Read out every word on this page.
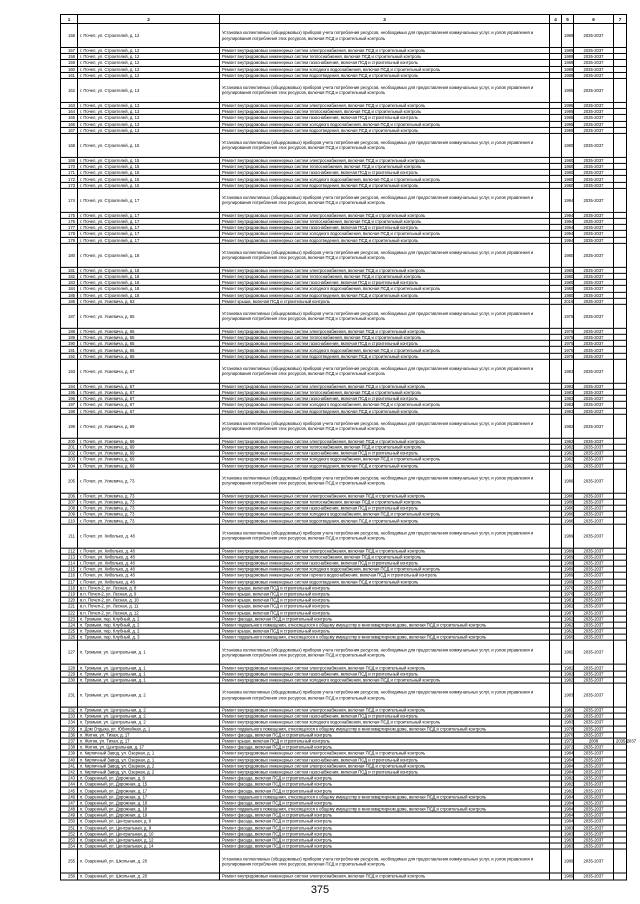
1	2	3	4	5	6	7
156	г. Почеп, ул. Строителей, д. 12	Установка коллективных (общедомовых) приборов учета потребления ресурсов, необходимых для предоставления коммунальных услуг, и узлов управления и регулирования потребления этих ресурсов, включая ПСД и строительный контроль		1989	2035-2037	
157	г. Почеп, ул. Строителей, д. 12	Ремонт внутридомовых инженерных систем электроснабжения, включая ПСД и строительный контроль		1989	2035-2037	
158	г. Почеп, ул. Строителей, д. 12	Ремонт внутридомовых инженерных систем теплоснабжения, включая ПСД и строительный контроль		1989	2035-2037	
159	г. Почеп, ул. Строителей, д. 12	Ремонт внутридомовых инженерных систем газоснабжения, включая ПСД и строительный контроль		1989	2035-2037	
160	г. Почеп, ул. Строителей, д. 12	Ремонт внутридомовых инженерных систем холодного водоснабжения, включая ПСД и строительный контроль		1989	2035-2037	
161	г. Почеп, ул. Строителей, д. 12	Ремонт внутридомовых инженерных систем водоотведения, включая ПСД и строительный контроль		1989	2035-2037	
162	г. Почеп, ул. Строителей, д. 13	Установка коллективных (общедомовых) приборов учета потребления ресурсов, необходимых для предоставления коммунальных услуг, и узлов управления и регулирования потребления этих ресурсов, включая ПСД и строительный контроль		1995	2035-2037	
163	г. Почеп, ул. Строителей, д. 13	Ремонт внутридомовых инженерных систем электроснабжения, включая ПСД и строительный контроль		1995	2035-2037	
164	г. Почеп, ул. Строителей, д. 13	Ремонт внутридомовых инженерных систем теплоснабжения, включая ПСД и строительный контроль		1995	2035-2037	
165	г. Почеп, ул. Строителей, д. 13	Ремонт внутридомовых инженерных систем газоснабжения, включая ПСД и строительный контроль		1995	2035-2037	
166	г. Почеп, ул. Строителей, д. 13	Ремонт внутридомовых инженерных систем холодного водоснабжения, включая ПСД и строительный контроль		1995	2035-2037	
167	г. Почеп, ул. Строителей, д. 13	Ремонт внутридомовых инженерных систем водоотведения, включая ПСД и строительный контроль		1995	2035-2037	
168	г. Почеп, ул. Строителей, д. 15	Установка коллективных (общедомовых) приборов учета потребления ресурсов, необходимых для предоставления коммунальных услуг, и узлов управления и регулирования потребления этих ресурсов, включая ПСД и строительный контроль		1980	2035-2037	
169	г. Почеп, ул. Строителей, д. 15	Ремонт внутридомовых инженерных систем электроснабжения, включая ПСД и строительный контроль		1980	2035-2037	
170	г. Почеп, ул. Строителей, д. 15	Ремонт внутридомовых инженерных систем теплоснабжения, включая ПСД и строительный контроль		1980	2035-2037	
171	г. Почеп, ул. Строителей, д. 15	Ремонт внутридомовых инженерных систем газоснабжения, включая ПСД и строительный контроль		1980	2035-2037	
172	г. Почеп, ул. Строителей, д. 15	Ремонт внутридомовых инженерных систем холодного водоснабжения, включая ПСД и строительный контроль		1980	2035-2037	
173	г. Почеп, ул. Строителей, д. 15	Ремонт внутридомовых инженерных систем водоотведения, включая ПСД и строительный контроль		1980	2035-2037	
174	г. Почеп, ул. Строителей, д. 17	Установка коллективных (общедомовых) приборов учета потребления ресурсов, необходимых для предоставления коммунальных услуг, и узлов управления и регулирования потребления этих ресурсов, включая ПСД и строительный контроль		1994	2035-2037	
175	г. Почеп, ул. Строителей, д. 17	Ремонт внутридомовых инженерных систем электроснабжения, включая ПСД и строительный контроль		1994	2035-2037	
176	г. Почеп, ул. Строителей, д. 17	Ремонт внутридомовых инженерных систем теплоснабжения, включая ПСД и строительный контроль		1994	2035-2037	
177	г. Почеп, ул. Строителей, д. 17	Ремонт внутридомовых инженерных систем газоснабжения, включая ПСД и строительный контроль		1994	2035-2037	
178	г. Почеп, ул. Строителей, д. 17	Ремонт внутридомовых инженерных систем холодного водоснабжения, включая ПСД и строительный контроль		1994	2035-2037	
179	г. Почеп, ул. Строителей, д. 17	Ремонт внутридомовых инженерных систем водоотведения, включая ПСД и строительный контроль		1994	2035-2037	
180	г. Почеп, ул. Строителей, д. 18	Установка коллективных (общедомовых) приборов учета потребления ресурсов, необходимых для предоставления коммунальных услуг, и узлов управления и регулирования потребления этих ресурсов, включая ПСД и строительный контроль		1980	2035-2037	
181	г. Почеп, ул. Строителей, д. 18	Ремонт внутридомовых инженерных систем электроснабжения, включая ПСД и строительный контроль		1980	2035-2037	
182	г. Почеп, ул. Строителей, д. 18	Ремонт внутридомовых инженерных систем теплоснабжения, включая ПСД и строительный контроль		1980	2035-2037	
183	г. Почеп, ул. Строителей, д. 18	Ремонт внутридомовых инженерных систем газоснабжения, включая ПСД и строительный контроль		1980	2035-2037	
184	г. Почеп, ул. Строителей, д. 18	Ремонт внутридомовых инженерных систем холодного водоснабжения, включая ПСД и строительный контроль		1980	2035-2037	
185	г. Почеп, ул. Строителей, д. 18	Ремонт внутридомовых инженерных систем водоотведения, включая ПСД и строительный контроль		1980	2035-2037	
186	г. Почеп, ул. Усиевича, д. 63	Ремонт крыши, включая ПСД и строительный контроль		2016	2035-2037	
187	г. Почеп, ул. Усиевича, д. 65	Установка коллективных (общедомовых) приборов учета потребления ресурсов, необходимых для предоставления коммунальных услуг, и узлов управления и регулирования потребления этих ресурсов, включая ПСД и строительный контроль		1975	2035-2037	
188	г. Почеп, ул. Усиевича, д. 65	Ремонт внутридомовых инженерных систем электроснабжения, включая ПСД и строительный контроль		1975	2035-2037	
189	г. Почеп, ул. Усиевича, д. 65	Ремонт внутридомовых инженерных систем теплоснабжения, включая ПСД и строительный контроль		1975	2035-2037	
190	г. Почеп, ул. Усиевича, д. 65	Ремонт внутридомовых инженерных систем газоснабжения, включая ПСД и строительный контроль		1975	2035-2037	
191	г. Почеп, ул. Усиевича, д. 65	Ремонт внутридомовых инженерных систем холодного водоснабжения, включая ПСД и строительный контроль		1975	2035-2037	
192	г. Почеп, ул. Усиевича, д. 65	Ремонт внутридомовых инженерных систем водоотведения, включая ПСД и строительный контроль		1975	2035-2037	
193	г. Почеп, ул. Усиевича, д. 67	Установка коллективных (общедомовых) приборов учета потребления ресурсов, необходимых для предоставления коммунальных услуг, и узлов управления и регулирования потребления этих ресурсов, включая ПСД и строительный контроль		1983	2035-2037	
194	г. Почеп, ул. Усиевича, д. 67	Ремонт внутридомовых инженерных систем электроснабжения, включая ПСД и строительный контроль		1983	2035-2037	
195	г. Почеп, ул. Усиевича, д. 67	Ремонт внутридомовых инженерных систем теплоснабжения, включая ПСД и строительный контроль		1983	2035-2037	
196	г. Почеп, ул. Усиевича, д. 67	Ремонт внутридомовых инженерных систем газоснабжения, включая ПСД и строительный контроль		1983	2035-2037	
197	г. Почеп, ул. Усиевича, д. 67	Ремонт внутридомовых инженерных систем холодного водоснабжения, включая ПСД и строительный контроль		1983	2035-2037	
198	г. Почеп, ул. Усиевича, д. 67	Ремонт внутридомовых инженерных систем водоотведения, включая ПСД и строительный контроль		1983	2035-2037	
199	г. Почеп, ул. Усиевича, д. 69	Установка коллективных (общедомовых) приборов учета потребления ресурсов, необходимых для предоставления коммунальных услуг, и узлов управления и регулирования потребления этих ресурсов, включая ПСД и строительный контроль		1982	2035-2037	
200	г. Почеп, ул. Усиевича, д. 69	Ремонт внутридомовых инженерных систем электроснабжения, включая ПСД и строительный контроль		1982	2035-2037	
201	г. Почеп, ул. Усиевича, д. 69	Ремонт внутридомовых инженерных систем теплоснабжения, включая ПСД и строительный контроль		1982	2035-2037	
202	г. Почеп, ул. Усиевича, д. 69	Ремонт внутридомовых инженерных систем газоснабжения, включая ПСД и строительный контроль		1982	2035-2037	
203	г. Почеп, ул. Усиевича, д. 69	Ремонт внутридомовых инженерных систем холодного водоснабжения, включая ПСД и строительный контроль		1982	2035-2037	
204	г. Почеп, ул. Усиевича, д. 69	Ремонт внутридомовых инженерных систем водоотведения, включая ПСД и строительный контроль		1982	2035-2037	
205	г. Почеп, ул. Усиевича, д. 73	Установка коллективных (общедомовых) приборов учета потребления ресурсов, необходимых для предоставления коммунальных услуг, и узлов управления и регулирования потребления этих ресурсов, включая ПСД и строительный контроль		1986	2035-2037	
206	г. Почеп, ул. Усиевича, д. 73	Ремонт внутридомовых инженерных систем электроснабжения, включая ПСД и строительный контроль		1986	2035-2037	
207	г. Почеп, ул. Усиевича, д. 73	Ремонт внутридомовых инженерных систем теплоснабжения, включая ПСД и строительный контроль		1986	2035-2037	
208	г. Почеп, ул. Усиевича, д. 73	Ремонт внутридомовых инженерных систем газоснабжения, включая ПСД и строительный контроль		1986	2035-2037	
209	г. Почеп, ул. Усиевича, д. 73	Ремонт внутридомовых инженерных систем холодного водоснабжения, включая ПСД и строительный контроль		1986	2035-2037	
210	г. Почеп, ул. Усиевича, д. 73	Ремонт внутридомовых инженерных систем водоотведения, включая ПСД и строительный контроль		1986	2035-2037	
211	г. Почеп, ул. Хиболько, д. 48	Установка коллективных (общедомовых) приборов учета потребления ресурсов, необходимых для предоставления коммунальных услуг, и узлов управления и регулирования потребления этих ресурсов, включая ПСД и строительный контроль		1989	2035-2037	
212	г. Почеп, ул. Хиболько, д. 48	Ремонт внутридомовых инженерных систем электроснабжения, включая ПСД и строительный контроль		1989	2035-2037	
213	г. Почеп, ул. Хиболько, д. 48	Ремонт внутридомовых инженерных систем теплоснабжения, включая ПСД и строительный контроль		1989	2035-2037	
214	г. Почеп, ул. Хиболько, д. 48	Ремонт внутридомовых инженерных систем газоснабжения, включая ПСД и строительный контроль		1989	2035-2037	
215	г. Почеп, ул. Хиболько, д. 48	Ремонт внутридомовых инженерных систем холодного водоснабжения, включая ПСД и строительный контроль		1989	2035-2037	
216	г. Почеп, ул. Хиболько, д. 48	Ремонт внутридомовых инженерных систем горячего водоснабжения, включая ПСД и строительный контроль		1989	2035-2037	
217	г. Почеп, ул. Хиболько, д. 48	Ремонт внутридомовых инженерных систем водоотведения, включая ПСД и строительный контроль		1989	2035-2037	
218	в.п. Почеп-2, ул. Лесная, д. 8	Ремонт крыши, включая ПСД и строительный контроль		1976	2035-2037	
219	в.п. Почеп-2, ул. Лесная, д. 9	Ремонт крыши, включая ПСД и строительный контроль		1976	2035-2037	
220	в.п. Почеп-2, ул. Лесная, д. 10	Ремонт крыши, включая ПСД и строительный контроль		1981	2035-2037	
221	в.п. Почеп-2, ул. Лесная, д. 11	Ремонт крыши, включая ПСД и строительный контроль		1982	2035-2037	
222	в.п. Почеп-2, ул. Лесная, д. 12	Ремонт крыши, включая ПСД и строительный контроль		1987	2035-2037	
223	п. Громыки, пер. Клубный, д. 2	Ремонт фасада, включая ПСД и строительный контроль		1962	2035-2037	
224	п. Громыки, пер. Клубный, д. 2	Ремонт подвального помещения, относящегося к общему имуществу в многоквартирном доме, включая ПСД и строительный контроль		1962	2035-2037	
225	п. Громыки, пер. Клубный, д. 2	Ремонт крыши, включая ПСД и строительный контроль		1962	2035-2037	
226	п. Громыки, пер. Клубный, д. 3	Ремонт подвального помещения, относящегося к общему имуществу в многоквартирном доме, включая ПСД и строительный контроль		1960	2035-2037	
227	п. Громыки, ул. Центральная, д. 1	Установка коллективных (общедомовых) приборов учета потребления ресурсов, необходимых для предоставления коммунальных услуг, и узлов управления и регулирования потребления этих ресурсов, включая ПСД и строительный контроль		1982	2035-2037	
228	п. Громыки, ул. Центральная, д. 1	Ремонт внутридомовых инженерных систем электроснабжения, включая ПСД и строительный контроль		1982	2035-2037	
229	п. Громыки, ул. Центральная, д. 1	Ремонт внутридомовых инженерных систем газоснабжения, включая ПСД и строительный контроль		1982	2035-2037	
230	п. Громыки, ул. Центральная, д. 1	Ремонт внутридомовых инженерных систем холодного водоснабжения, включая ПСД и строительный контроль		1982	2035-2037	
231	п. Громыки, ул. Центральная, д. 2	Установка коллективных (общедомовых) приборов учета потребления ресурсов, необходимых для предоставления коммунальных услуг, и узлов управления и регулирования потребления этих ресурсов, включая ПСД и строительный контроль		1983	2035-2037	
232	п. Громыки, ул. Центральная, д. 2	Ремонт внутридомовых инженерных систем электроснабжения, включая ПСД и строительный контроль		1983	2035-2037	
233	п. Громыки, ул. Центральная, д. 2	Ремонт внутридомовых инженерных систем газоснабжения, включая ПСД и строительный контроль		1983	2035-2037	
234	п. Громыки, ул. Центральная, д. 2	Ремонт внутридомовых инженерных систем холодного водоснабжения, включая ПСД и строительный контроль		1983	2035-2037	
235	п. Дом Отдыха, ул. Юбилейная, д. 1	Ремонт подвального помещения, относящегося к общему имуществу в многоквартирном доме, включая ПСД и строительный контроль		1978	2035-2037	
236	п. Житня, ул. Тихая, д. 17	Ремонт фасада, включая ПСД и строительный контроль		1970	2035-2037	
237	п. Житня, ул. Тихая, д. 17	Ремонт крыши, включая ПСД и строительный контроль		1972	2008	2035-2037
238	п. Житня, ул. Центральная, д. 17	Ремонт фасада, включая ПСД и строительный контроль		1972	2035-2037	
239	п. Кирпичный Завод, ул. Озерная, д. 1	Ремонт внутридомовых инженерных систем электроснабжения, включая ПСД и строительный контроль		1984	2035-2037	
240	п. Кирпичный Завод, ул. Озерная, д. 1	Ремонт внутридомовых инженерных систем газоснабжения, включая ПСД и строительный контроль		1984	2035-2037	
241	п. Кирпичный Завод, ул. Озерная, д. 2	Ремонт внутридомовых инженерных систем электроснабжения, включая ПСД и строительный контроль		1984	2035-2037	
242	п. Кирпичный Завод, ул. Озерная, д. 2	Ремонт внутридомовых инженерных систем газоснабжения, включая ПСД и строительный контроль		1984	2035-2037	
243	п. Озаренный, ул. Дорожная, д. 8	Ремонт фасада, включая ПСД и строительный контроль		1982	2035-2037	
244	п. Озаренный, ул. Дорожная, д. 15	Ремонт фасада, включая ПСД и строительный контроль		1982	2035-2037	
245	п. Озаренный, ул. Дорожная, д. 17	Ремонт фасада, включая ПСД и строительный контроль		1982	2035-2037	
246	п. Озаренный, ул. Дорожная, д. 17	Ремонт подвального помещения, относящегося к общему имуществу в многоквартирном доме, включая ПСД и строительный контроль		1984	2035-2037	
247	п. Озаренный, ул. Дорожная, д. 18	Ремонт фасада, включая ПСД и строительный контроль		1984	2035-2037	
248	п. Озаренный, ул. Дорожная, д. 18	Ремонт подвального помещения, относящегося к общему имуществу в многоквартирном доме, включая ПСД и строительный контроль		1984	2035-2037	
249	п. Озаренный, ул. Дорожная, д. 19	Ремонт фасада, включая ПСД и строительный контроль		1984	2035-2037	
250	п. Озаренный, ул. Центральная, д. 8	Ремонт фасада, включая ПСД и строительный контроль		1984	2035-2037	
251	п. Озаренный, ул. Центральная, д. 9	Ремонт фасада, включая ПСД и строительный контроль		1983	2035-2037	
252	п. Озаренный, ул. Центральная, д. 10	Ремонт фасада, включая ПСД и строительный контроль		1983	2035-2037	
253	п. Озаренный, ул. Центральная, д. 12	Ремонт фасада, включая ПСД и строительный контроль		1983	2035-2037	
254	п. Озаренный, ул. Центральная, д. 14	Ремонт фасада, включая ПСД и строительный контроль		1983	2035-2037	
255	п. Озаренный, ул. Школьная, д. 20	Установка коллективных (общедомовых) приборов учета потребления ресурсов, необходимых для предоставления коммунальных услуг, и узлов управления и регулирования потребления этих ресурсов, включая ПСД и строительный контроль		1989	2035-2037	
256	п. Озаренный, ул. Школьная, д. 20	Ремонт внутридомовых инженерных систем электроснабжения, включая ПСД и строительный контроль		1989	2035-2037	
375
